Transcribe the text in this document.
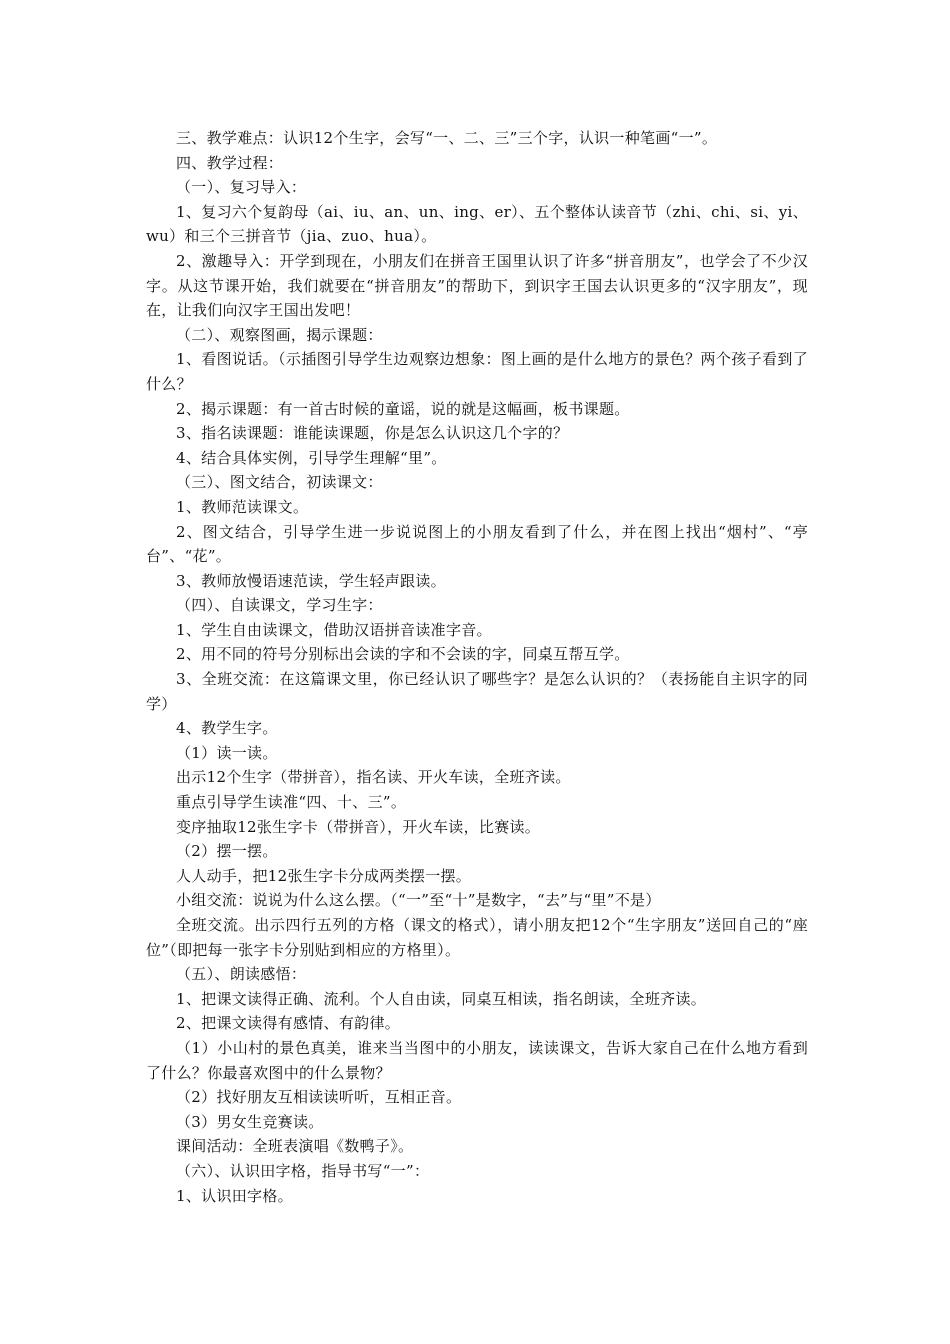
三、教学难点：认识12个生字，会写“一、二、三”三个字，认识一种笔画“一”。

四、教学过程：

（一）、复习导入：

1、复习六个复韵母（ai、iu、an、un、ing、er）、五个整体认读音节（zhi、chi、si、yi、wu）和三个三拼音节（jia、zuo、hua）。

2、激趣导入：开学到现在，小朋友们在拼音王国里认识了许多“拼音朋友”，也学会了不少汉字。从这节课开始，我们就要在“拼音朋友”的帮助下，到识字王国去认识更多的“汉字朋友”，现在，让我们向汉字王国出发吧！

（二）、观察图画，揭示课题：

1、看图说话。（示插图引导学生边观察边想象：图上画的是什么地方的景色？两个孩子看到了什么？

2、揭示课题：有一首古时候的童谣，说的就是这幅画，板书课题。

3、指名读课题：谁能读课题，你是怎么认识这几个字的？

4、结合具体实例，引导学生理解“里”。

（三）、图文结合，初读课文：

1、教师范读课文。

2、图文结合，引导学生进一步说说图上的小朋友看到了什么，并在图上找出“烟村”、“亭台”、“花”。

3、教师放慢语速范读，学生轻声跟读。

（四）、自读课文，学习生字：

1、学生自由读课文，借助汉语拼音读准字音。

2、用不同的符号分别标出会读的字和不会读的字，同桌互帮互学。

3、全班交流：在这篇课文里，你已经认识了哪些字？是怎么认识的？（表扬能自主识字的同学）

4、教学生字。

（1）读一读。

出示12个生字（带拼音），指名读、开火车读，全班齐读。

重点引导学生读准“四、十、三”。

变序抽取12张生字卡（带拼音），开火车读，比赛读。

（2）摆一摆。

人人动手，把12张生字卡分成两类摆一摆。

小组交流：说说为什么这么摆。（“一”至“十”是数字，“去”与“里”不是）

全班交流。出示四行五列的方格（课文的格式），请小朋友把12个“生字朋友”送回自己的“座位”（即把每一张字卡分别贴到相应的方格里）。

（五）、朗读感悟：

1、把课文读得正确、流利。个人自由读，同桌互相读，指名朗读，全班齐读。

2、把课文读得有感情、有韵律。

（1）小山村的景色真美，谁来当当图中的小朋友，读读课文，告诉大家自己在什么地方看到了什么？你最喜欢图中的什么景物？

（2）找好朋友互相读读听听，互相正音。

（3）男女生竞赛读。

课间活动：全班表演唱《数鸭子》。

（六）、认识田字格，指导书写“一”：

1、认识田字格。
